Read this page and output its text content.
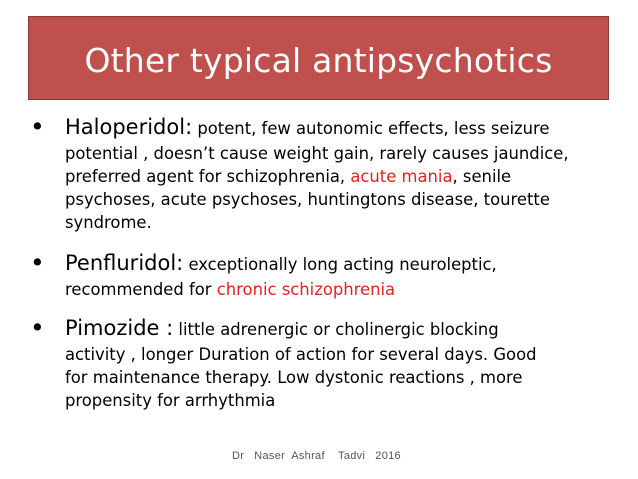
Other typical antipsychotics
• Haloperidol: potent, few autonomic effects, less seizure
potential , doesn’t cause weight gain, rarely causes jaundice,
preferred agent for schizophrenia, acute mania, senile
psychoses, acute psychoses, huntingtons disease, tourette
syndrome.
• Penfluridol: exceptionally long acting neuroleptic,
recommended for chronic schizophrenia
• Pimozide : little adrenergic or cholinergic blocking
activity , longer Duration of action for several days. Good
for maintenance therapy. Low dystonic reactions , more
propensity for arrhythmia
Dr   Naser  Ashraf    Tadvi   2016
